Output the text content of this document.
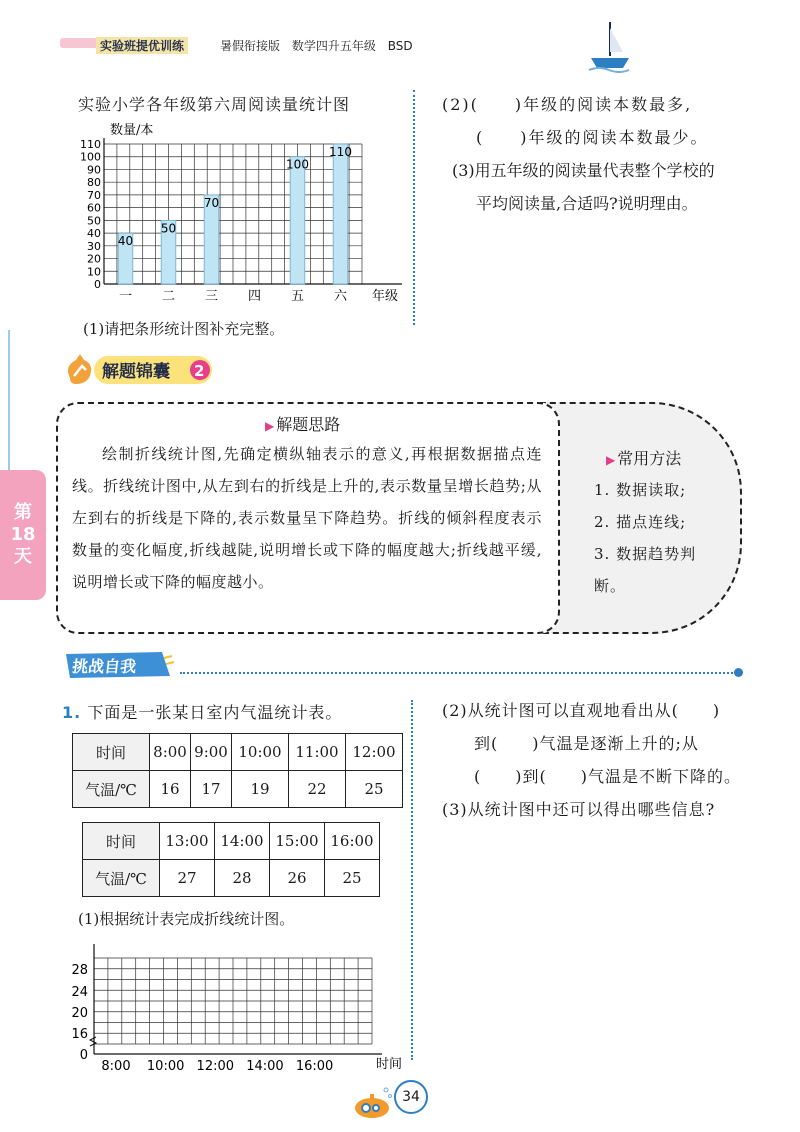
实验班提优训练	暑假衔接版 数学四升五年级 BSD
实验小学各年级第六周阅读量统计图
0
10
20
30
40
50
60
70
80
90
100
110
数量/本
年级
一
40
二
50
三
70
四 五
100
六
110
(1)请把条形统计图补充完整。
(2)(　　)年级的阅读本数最多,
(　　)年级的阅读本数最少。
(3)用五年级的阅读量代表整个学校的
平均阅读量,合适吗?说明理由。
解题锦囊 2
▶ 解题思路
绘制折线统计图,先确定横纵轴表示的意义,再根据数据描点连线。折线统计图中,从左到右的折线是上升的,表示数量呈增长趋势;从左到右的折线是下降的,表示数量呈下降趋势。折线的倾斜程度表示数量的变化幅度,折线越陡,说明增长或下降的幅度越大;折线越平缓,说明增长或下降的幅度越小。
▶ 常用方法
1. 数据读取;
2. 描点连线;
3. 数据趋势判断。
第18天
挑战自我
1. 下面是一张某日室内气温统计表。
时间	8:00	9:00	10:00	11:00	12:00
气温/℃	16	17	19	22	25
时间	13:00	14:00	15:00	16:00
气温/℃	27	28	26	25
(1)根据统计表完成折线统计图。
0
16
20
24
28
8:00 10:00 12:00 14:00 16:00	时间
(2)从统计图可以直观地看出从(　　)
到(　　)气温是逐渐上升的;从
(　　)到(　　)气温是不断下降的。
(3)从统计图中还可以得出哪些信息?
34
